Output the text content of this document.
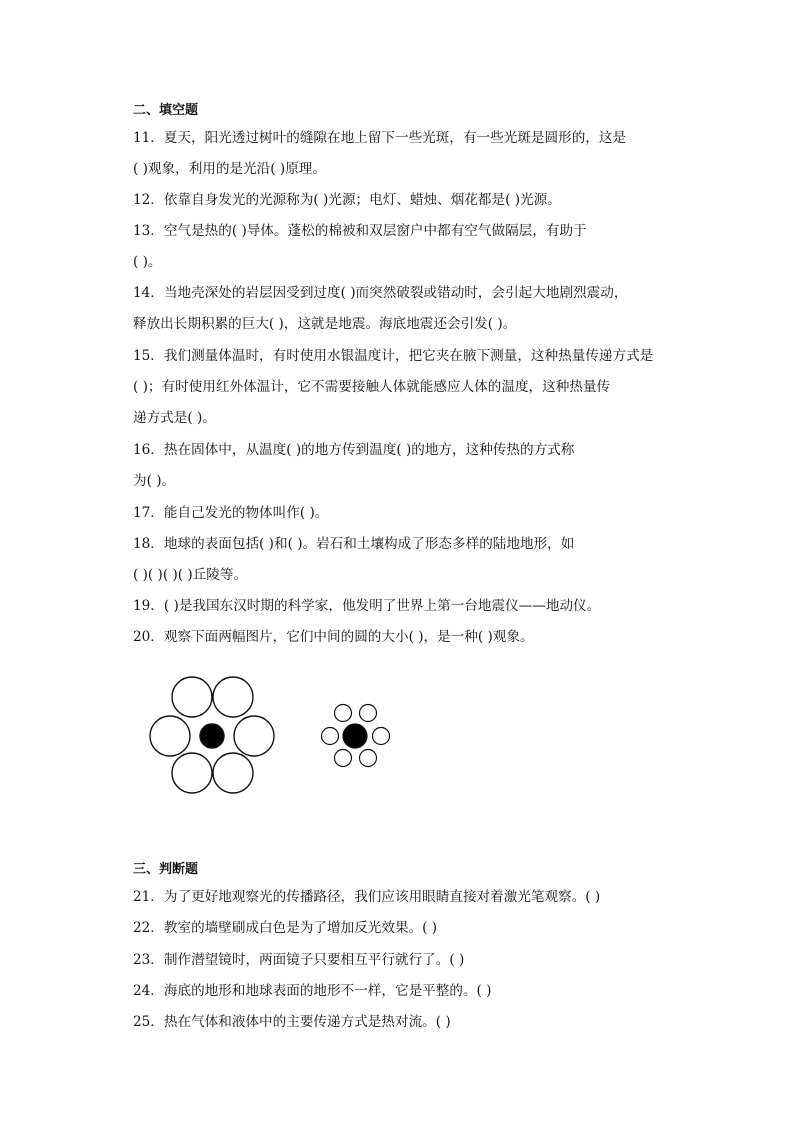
二、填空题
11．夏天，阳光透过树叶的缝隙在地上留下一些光斑，有一些光斑是圆形的，这是
( )观象，利用的是光沿( )原理。
12．依靠自身发光的光源称为( )光源；电灯、蜡烛、烟花都是( )光源。
13．空气是热的( )导体。蓬松的棉被和双层窗户中都有空气做隔层，有助于
( )。
14．当地壳深处的岩层因受到过度( )而突然破裂或错动时，会引起大地剧烈震动，
释放出长期积累的巨大( )，这就是地震。海底地震还会引发( )。
15．我们测量体温时，有时使用水银温度计，把它夹在腋下测量，这种热量传递方式是
( )；有时使用红外体温计，它不需要接触人体就能感应人体的温度，这种热量传
递方式是( )。
16．热在固体中，从温度( )的地方传到温度( )的地方，这种传热的方式称
为( )。
17．能自己发光的物体叫作( )。
18．地球的表面包括( )和( )。岩石和土壤构成了形态多样的陆地地形，如
( )( )( )( )丘陵等。
19．( )是我国东汉时期的科学家，他发明了世界上第一台地震仪——地动仪。
20．观察下面两幅图片，它们中间的圆的大小( )，是一种( )观象。
三、判断题
21．为了更好地观察光的传播路径，我们应该用眼睛直接对着激光笔观察。( )
22．教室的墙壁刷成白色是为了增加反光效果。( )
23．制作潜望镜时，两面镜子只要相互平行就行了。( )
24．海底的地形和地球表面的地形不一样，它是平整的。( )
25．热在气体和液体中的主要传递方式是热对流。( )
